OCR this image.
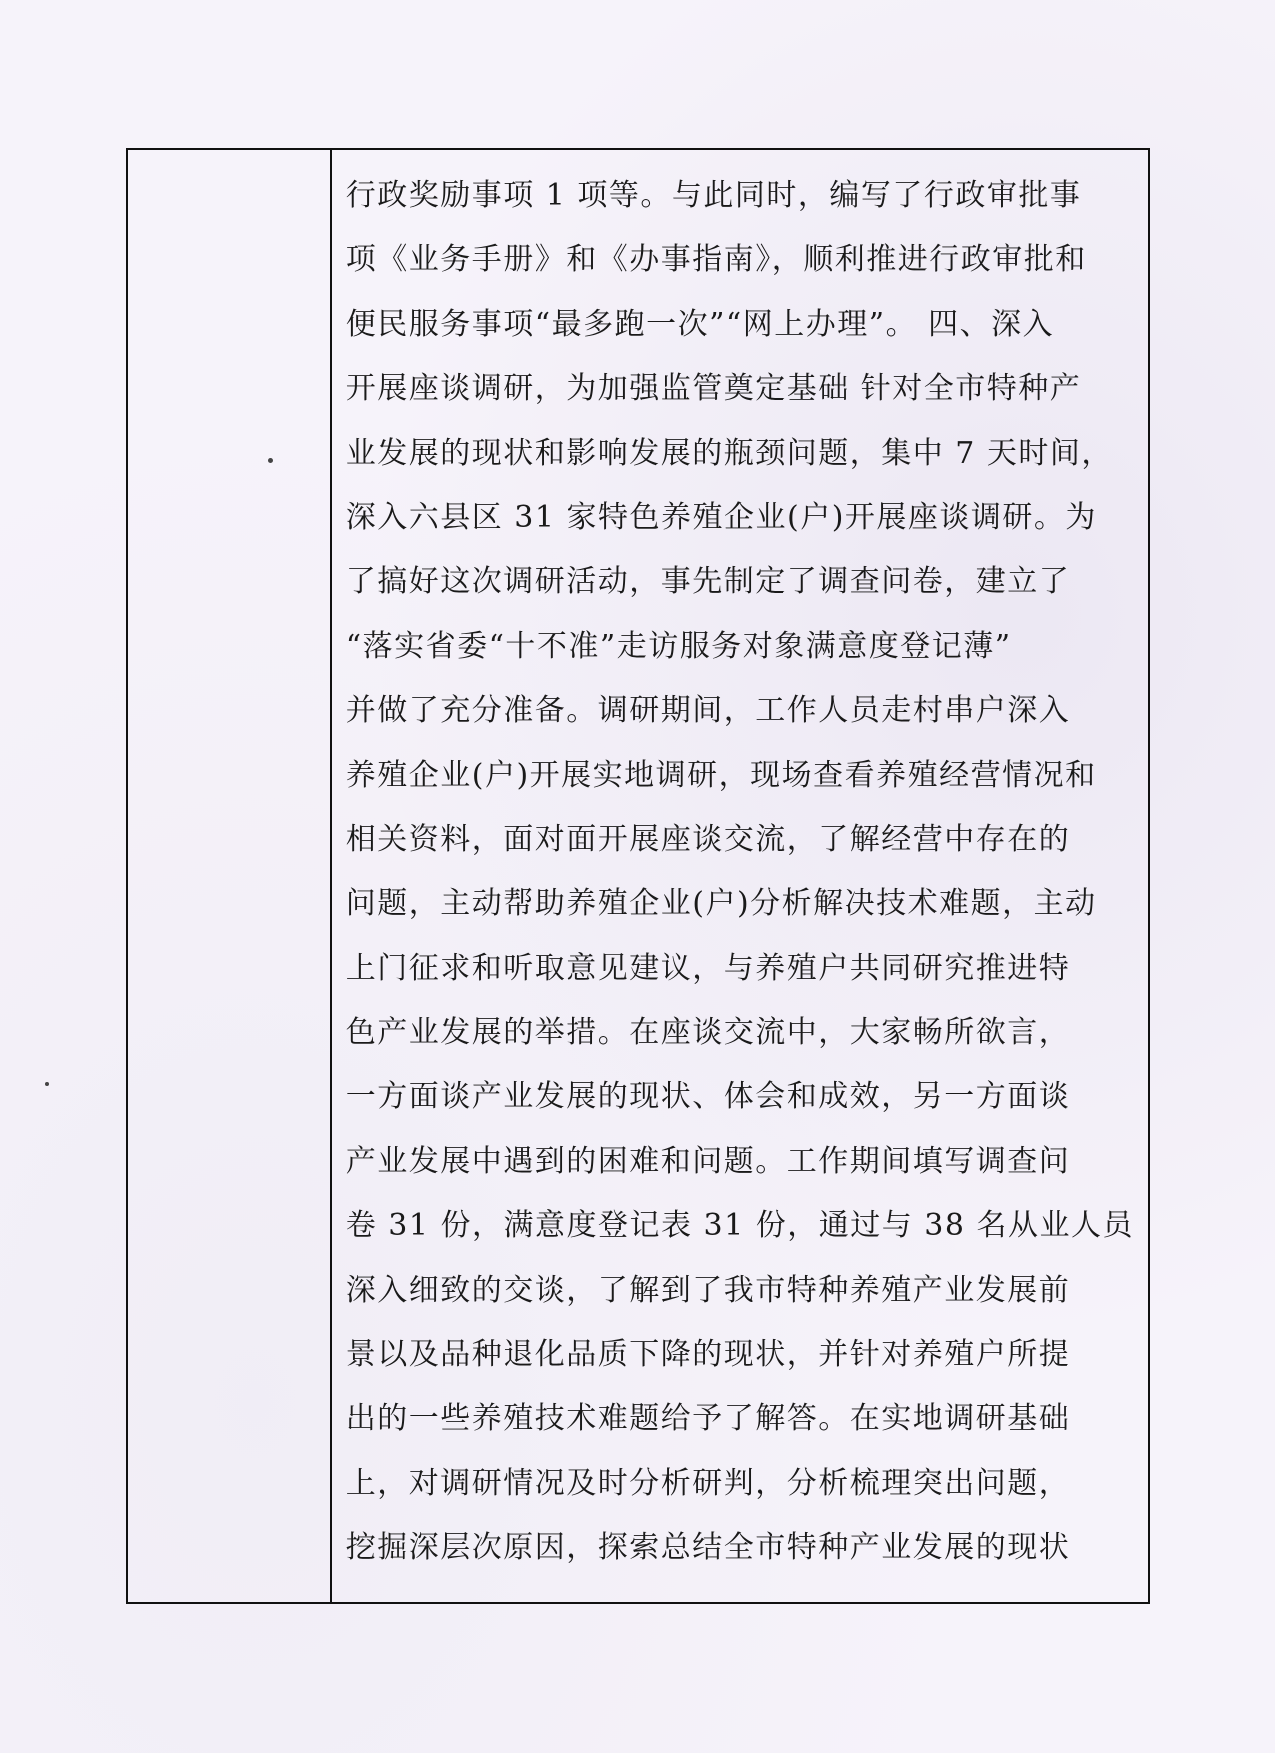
行政奖励事项 1 项等。与此同时，编写了行政审批事
项《业务手册》和《办事指南》，顺利推进行政审批和
便民服务事项“最多跑一次”“网上办理”。 四、深入
开展座谈调研，为加强监管奠定基础 针对全市特种产
业发展的现状和影响发展的瓶颈问题，集中 7 天时间，
深入六县区 31 家特色养殖企业(户)开展座谈调研。为
了搞好这次调研活动，事先制定了调查问卷，建立了
“落实省委“十不准”走访服务对象满意度登记薄”
并做了充分准备。调研期间，工作人员走村串户深入
养殖企业(户)开展实地调研，现场查看养殖经营情况和
相关资料，面对面开展座谈交流，了解经营中存在的
问题，主动帮助养殖企业(户)分析解决技术难题，主动
上门征求和听取意见建议，与养殖户共同研究推进特
色产业发展的举措。在座谈交流中，大家畅所欲言，
一方面谈产业发展的现状、体会和成效，另一方面谈
产业发展中遇到的困难和问题。工作期间填写调查问
卷 31 份，满意度登记表 31 份，通过与 38 名从业人员
深入细致的交谈，了解到了我市特种养殖产业发展前
景以及品种退化品质下降的现状，并针对养殖户所提
出的一些养殖技术难题给予了解答。在实地调研基础
上，对调研情况及时分析研判，分析梳理突出问题，
挖掘深层次原因，探索总结全市特种产业发展的现状
